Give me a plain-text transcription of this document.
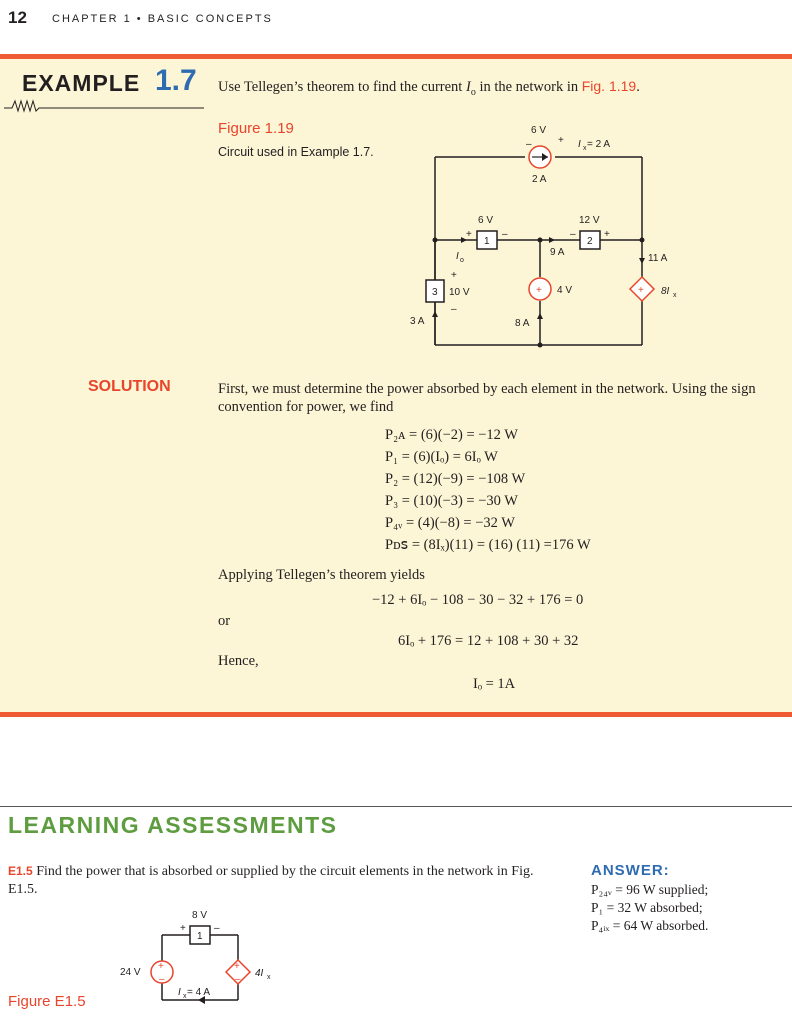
12 CHAPTER 1 • BASIC CONCEPTS
EXAMPLE 1.7 Use Tellegen’s theorem to find the current $I_o$ in the network in Fig. 1.19.
Figure 1.19
Circuit used in Example 1.7.
6 V
–	+ I x = 2 A
2 A
6 V
+	–
1
I o
12 V
–	+
2
9 A
11 A
3 10 V
+
–
3 A
+ 4 V
8 A
+ 8I x
SOLUTION	First, we must determine the power absorbed by each element in the network. Using the sign convention for power, we find
P₂ᴀ = (6)(−2) = −12 W
P₁ = (6)(Iₒ) = 6Iₒ W
P₂ = (12)(−9) = −108 W
P₃ = (10)(−3) = −30 W
P₄ᵥ = (4)(−8) = −32 W
Pᴅꜱ = (8Iₓ)(11) = (16) (11) =176 W
Applying Tellegen’s theorem yields
−12 + 6Iₒ − 108 − 30 − 32 + 176 = 0
or
6Iₒ + 176 = 12 + 108 + 30 + 32
Hence,
Iₒ = 1A
LEARNING ASSESSMENTS
E1.5 Find the power that is absorbed or supplied by the circuit elements in the network in Fig. E1.5.
ANSWER:
P₂₄ᵥ = 96 W supplied;
P₁ = 32 W absorbed;
P₄ᵢₓ = 64 W absorbed.
8 V
+	–
1
24 V
+
–
+
–
4I x
I x = 4 A
Figure E1.5
